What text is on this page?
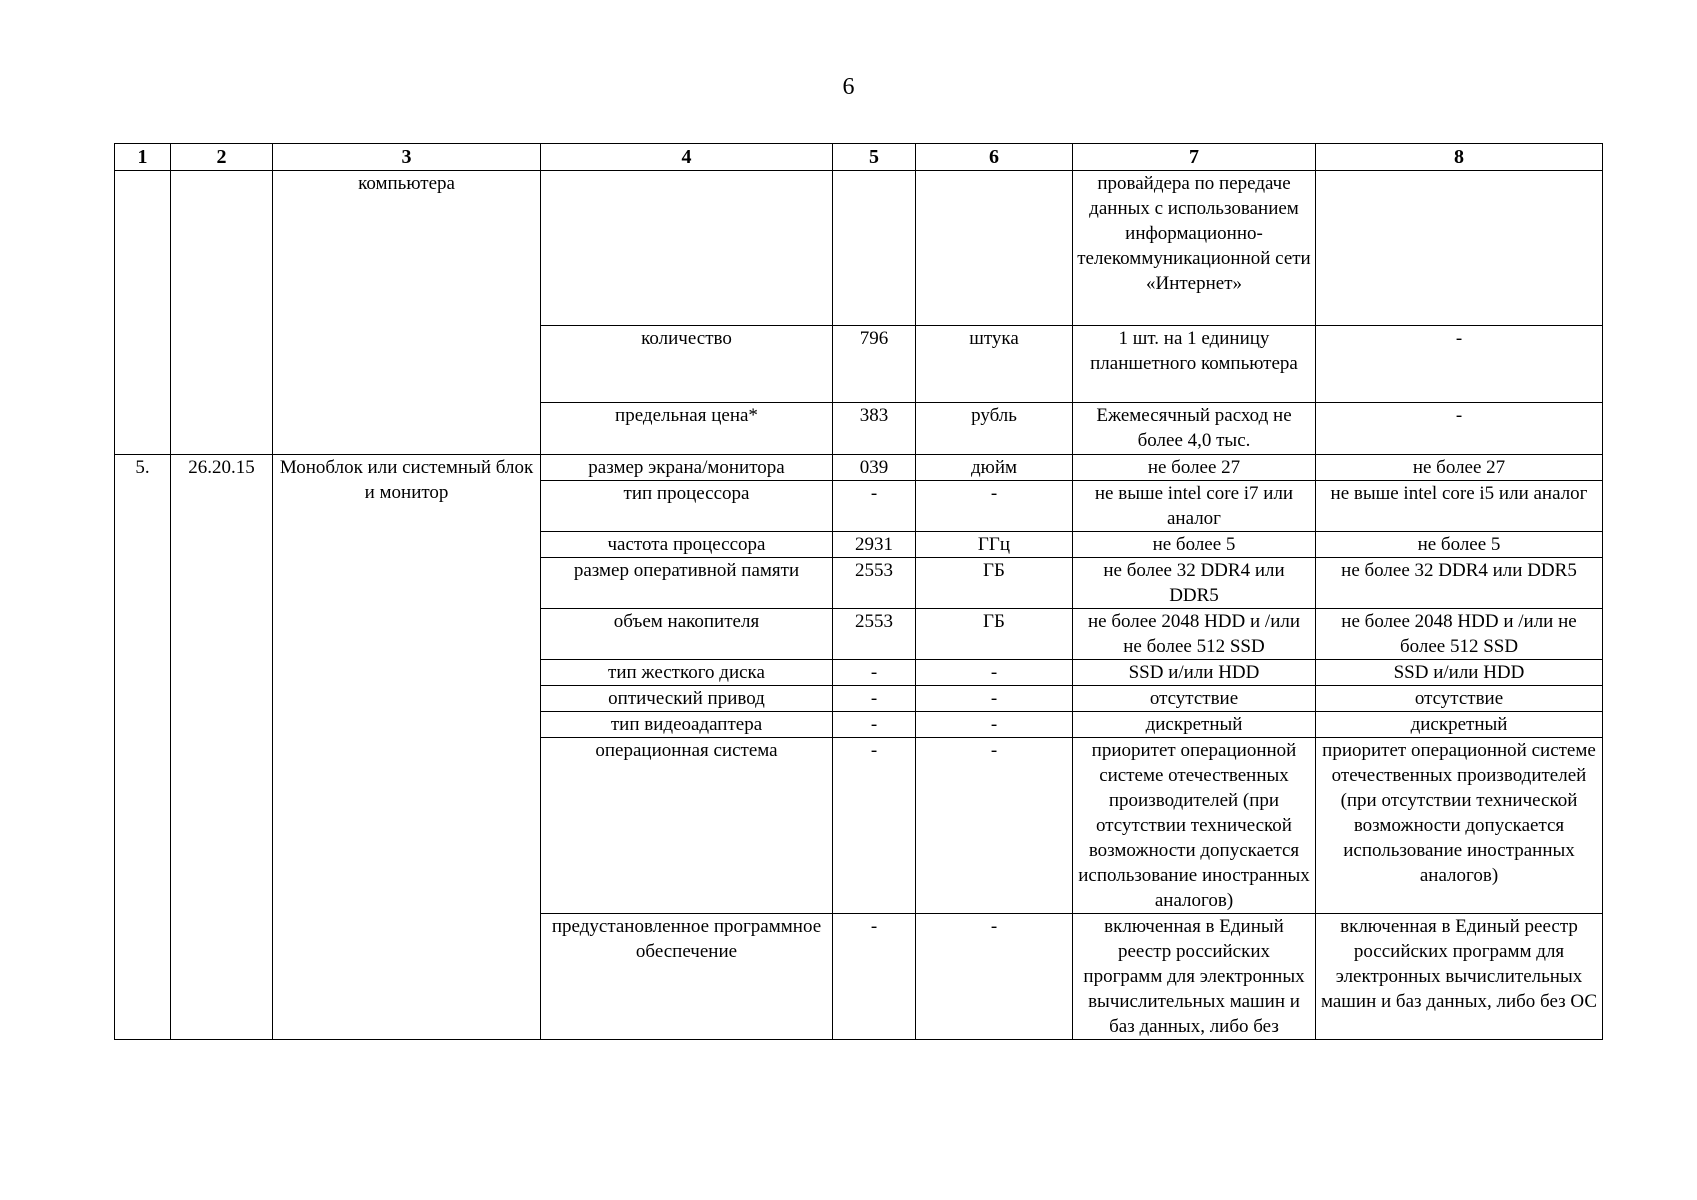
6
1	2	3	4	5	6	7	8
		компьютера				провайдера по передаче данных с использованием информационно-телекоммуникационной сети «Интернет»	
			количество	796	штука	1 шт. на 1 единицу планшетного компьютера	-
			предельная цена*	383	рубль	Ежемесячный расход не более 4,0 тыс.	-
5.	26.20.15	Моноблок или системный блок и монитор	размер экрана/монитора	039	дюйм	не более 27	не более 27
			тип процессора	-	-	не выше intel core i7 или аналог	не выше intel core i5 или аналог
			частота процессора	2931	ГГц	не более 5	не более 5
			размер оперативной памяти	2553	ГБ	не более 32 DDR4 или DDR5	не более 32 DDR4 или DDR5
			объем накопителя	2553	ГБ	не более 2048 HDD и /или не более 512 SSD	не более 2048 HDD и /или не более 512 SSD
			тип жесткого диска	-	-	SSD и/или HDD	SSD и/или HDD
			оптический привод	-	-	отсутствие	отсутствие
			тип видеоадаптера	-	-	дискретный	дискретный
			операционная система	-	-	приоритет операционной системе отечественных производителей (при отсутствии технической возможности допускается использование иностранных аналогов)	приоритет операционной системе отечественных производителей (при отсутствии технической возможности допускается использование иностранных аналогов)
			предустановленное программное обеспечение	-	-	включенная в Единый реестр российских программ для электронных вычислительных машин и баз данных, либо без	включенная в Единый реестр российских программ для электронных вычислительных машин и баз данных, либо без ОС
